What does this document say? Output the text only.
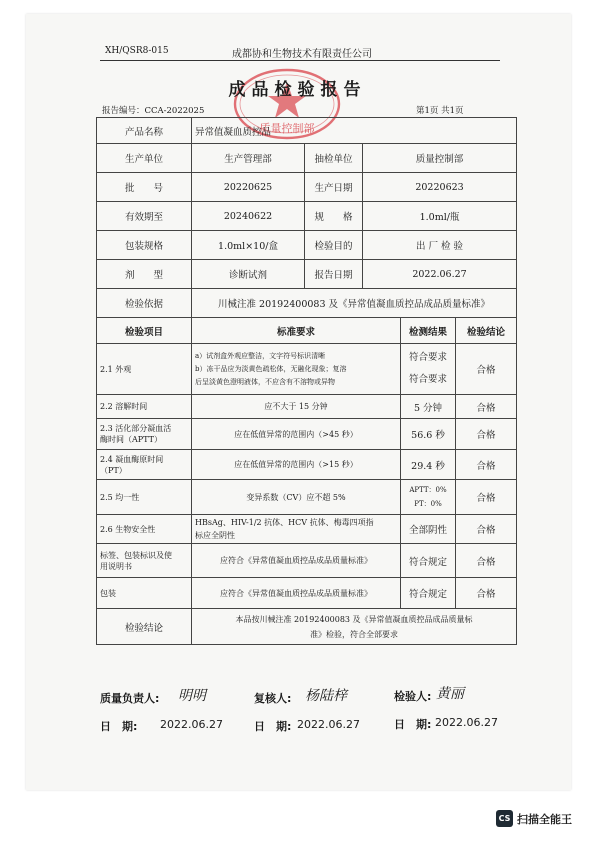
XH/QSR8-015	成都协和生物技术有限责任公司
质量控制部
成品检验报告
报告编号：CCA-2022025	第1页 共1页
产品名称	异常值凝血质控品				
生产单位	生产管理部	抽检单位	质量控制部		
批　　号	20220625	生产日期	20220623		
有效期至	20240622	规　　格	1.0ml/瓶		
包装规格	1.0ml×10/盒	检验目的	出 厂 检 验		
剂　　型	诊断试剂	报告日期	2022.06.27		
检验依据	川械注准 20192400083 及《异常值凝血质控品成品质量标准》				
检验项目	标准要求			检测结果	检验结论
2.1 外观	a）试剂盒外观应整洁，文字符号标识清晰
b）冻干品应为淡黄色疏松体，无融化现象；复溶
后呈淡黄色澄明液体，不应含有不溶物或异物			符合要求
符合要求	合格
2.2 溶解时间	应不大于 15 分钟			5 分钟	合格

2.3 活化部分凝血活
酶时间（APTT）	应在低值异常的范围内（>45 秒）			56.6 秒	合格

2.4 凝血酶原时间
（PT）	应在低值异常的范围内（>15 秒）			29.4 秒	合格
2.5 均一性	变异系数（CV）应不超 5%			APTT：0%
PT：0%	合格
2.6 生物安全性	HBsAg、HIV-1/2 抗体、HCV 抗体、梅毒四项指
标应全阴性			全部阴性	合格

标签、包装标识及使
用说明书	应符合《异常值凝血质控品成品质量标准》			符合规定	合格
包装	应符合《异常值凝血质控品成品质量标准》			符合规定	合格
检验结论	本品按川械注准 20192400083 及《异常值凝血质控品成品质量标
准》检验，符合全部要求				
质量负责人: 明明	复核人: 杨陆梓	检验人: 黄丽
日　期: 2022.06.27	日　期: 2022.06.27	日　期: 2022.06.27
CS 扫描全能王
